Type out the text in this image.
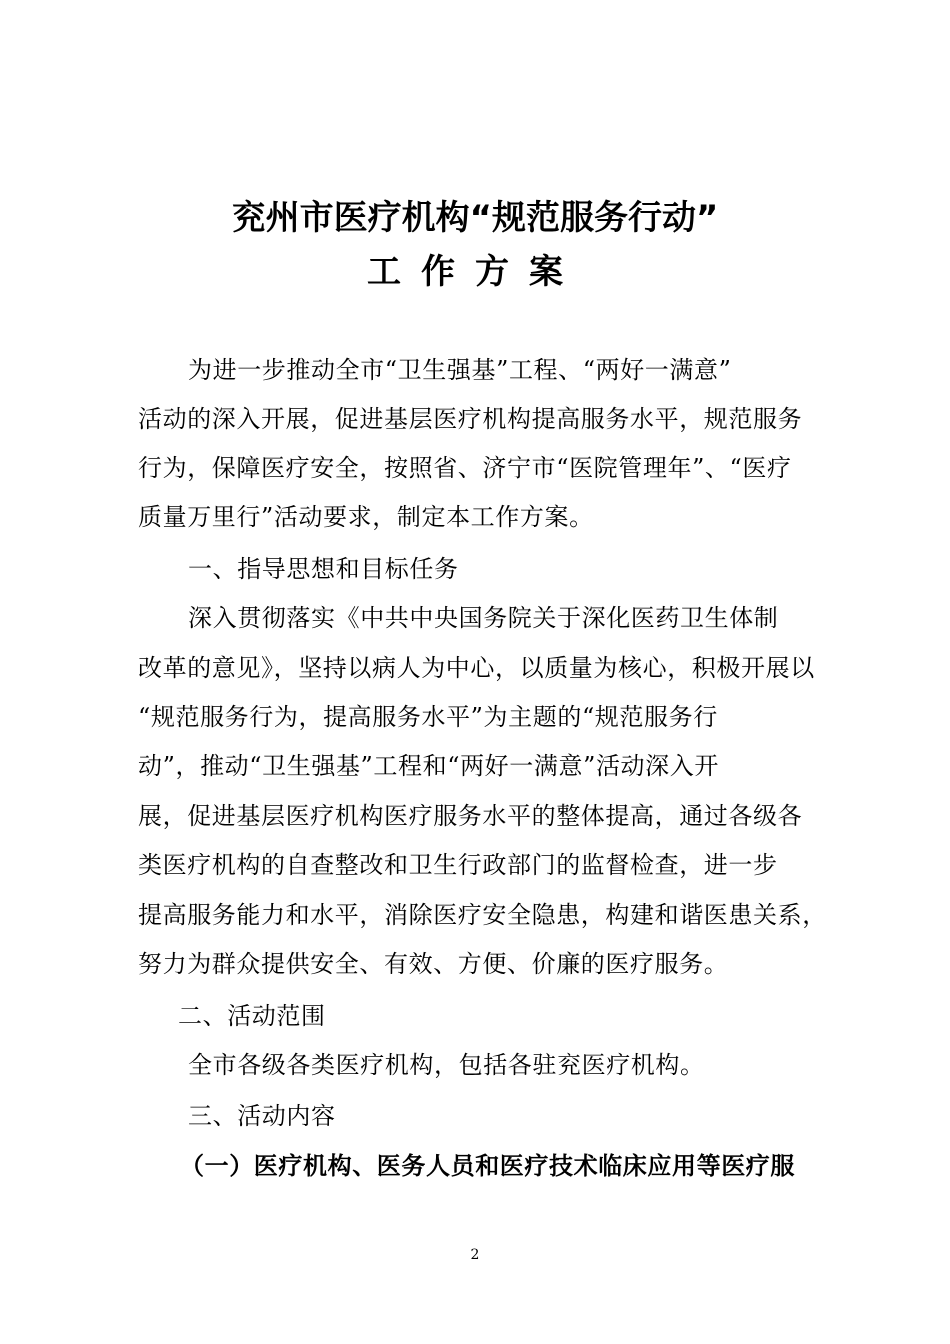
兖州市医疗机构“规范服务行动”
工作方案
为进一步推动全市“卫生强基”工程、“两好一满意”
活动的深入开展，促进基层医疗机构提高服务水平，规范服务
行为，保障医疗安全，按照省、济宁市“医院管理年”、“医疗
质量万里行”活动要求，制定本工作方案。
一、指导思想和目标任务
深入贯彻落实《中共中央国务院关于深化医药卫生体制
改革的意见》，坚持以病人为中心，以质量为核心，积极开展以
“规范服务行为，提高服务水平”为主题的“规范服务行
动”，推动“卫生强基”工程和“两好一满意”活动深入开
展，促进基层医疗机构医疗服务水平的整体提高，通过各级各
类医疗机构的自查整改和卫生行政部门的监督检查，进一步
提高服务能力和水平，消除医疗安全隐患，构建和谐医患关系，
努力为群众提供安全、有效、方便、价廉的医疗服务。
二、活动范围
全市各级各类医疗机构，包括各驻兖医疗机构。
三、活动内容
（一）医疗机构、医务人员和医疗技术临床应用等医疗服
2
